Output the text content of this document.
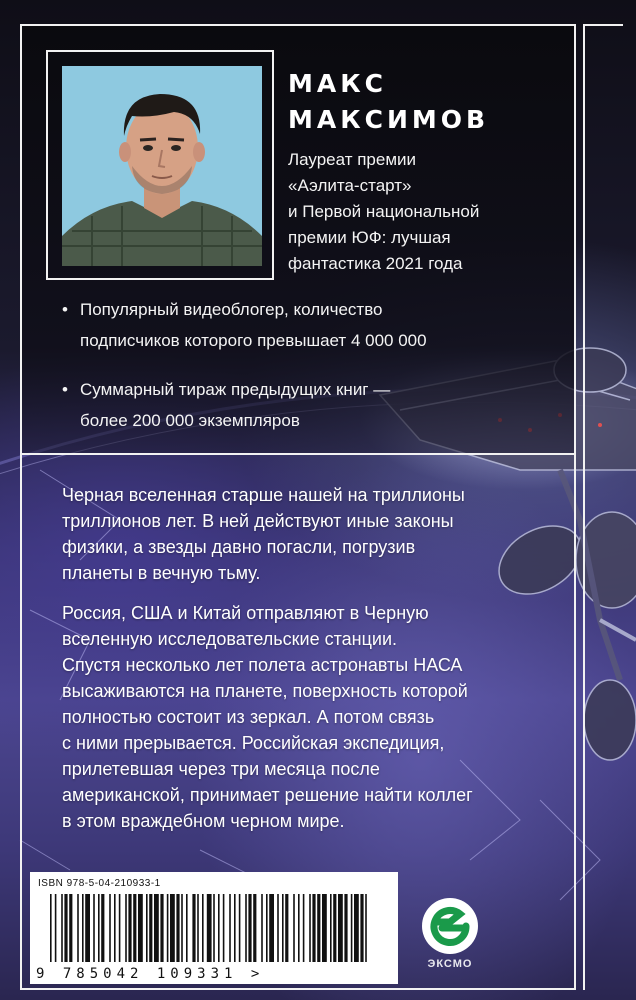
МАКС
МАКСИМОВ
Лауреат премии
«Аэлита-старт»
и Первой национальной
премии ЮФ: лучшая
фантастика 2021 года
• Популярный видеоблогер, количество
подписчиков которого превышает 4 000 000
• Суммарный тираж предыдущих книг —
более 200 000 экземпляров
Черная вселенная старше нашей на триллионы
триллионов лет. В ней действуют иные законы
физики, а звезды давно погасли, погрузив
планеты в вечную тьму.
Россия, США и Китай отправляют в Черную
вселенную исследовательские станции.
Спустя несколько лет полета астронавты НАСА
высаживаются на планете, поверхность которой
полностью состоит из зеркал. А потом связь
с ними прерывается. Российская экспедиция,
прилетевшая через три месяца после
американской, принимает решение найти коллег
в этом враждебном черном мире.
ISBN 978-5-04-210933-1
9 785042 109331 >
ЭКСМО
